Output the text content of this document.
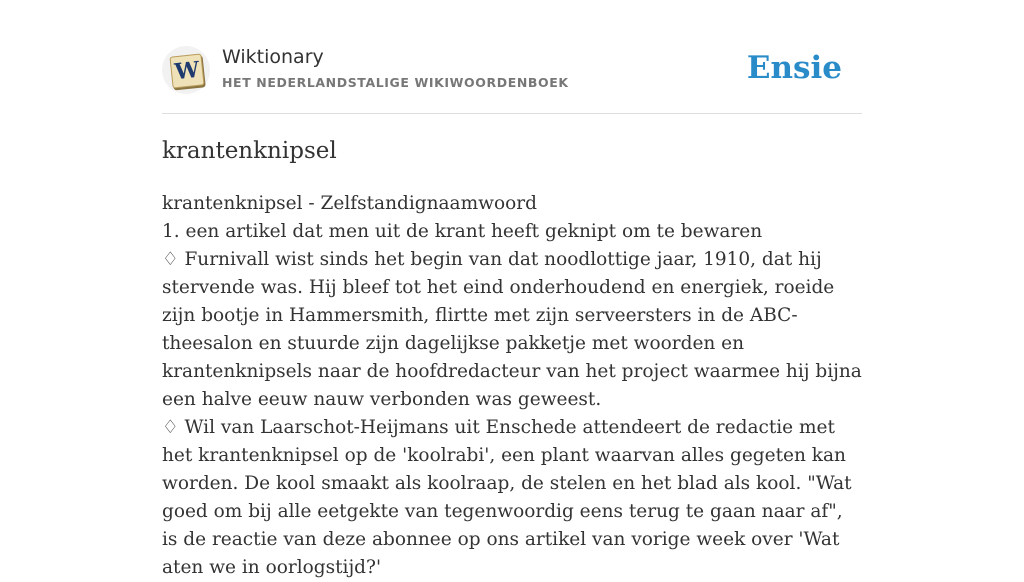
W Wiktionary
HET NEDERLANDSTALIGE WIKIWOORDENBOEK	Ensie
krantenknipsel

krantenknipsel - Zelfstandignaamwoord

1. een artikel dat men uit de krant heeft geknipt om te bewaren

♢ Furnivall wist sinds het begin van dat noodlottige jaar, 1910, dat hij stervende was. Hij bleef tot het eind onderhoudend en energiek, roeide zijn bootje in Hammersmith, flirtte met zijn serveersters in de ABC-theesalon en stuurde zijn dagelijkse pakketje met woorden en krantenknipsels naar de hoofdredacteur van het project waarmee hij bijna een halve eeuw nauw verbonden was geweest.

♢ Wil van Laarschot-Heijmans uit Enschede attendeert de redactie met het krantenknipsel op de 'koolrabi', een plant waarvan alles gegeten kan worden. De kool smaakt als koolraap, de stelen en het blad als kool. "Wat goed om bij alle eetgekte van tegenwoordig eens terug te gaan naar af", is de reactie van deze abonnee op ons artikel van vorige week over 'Wat aten we in oorlogstijd?'
